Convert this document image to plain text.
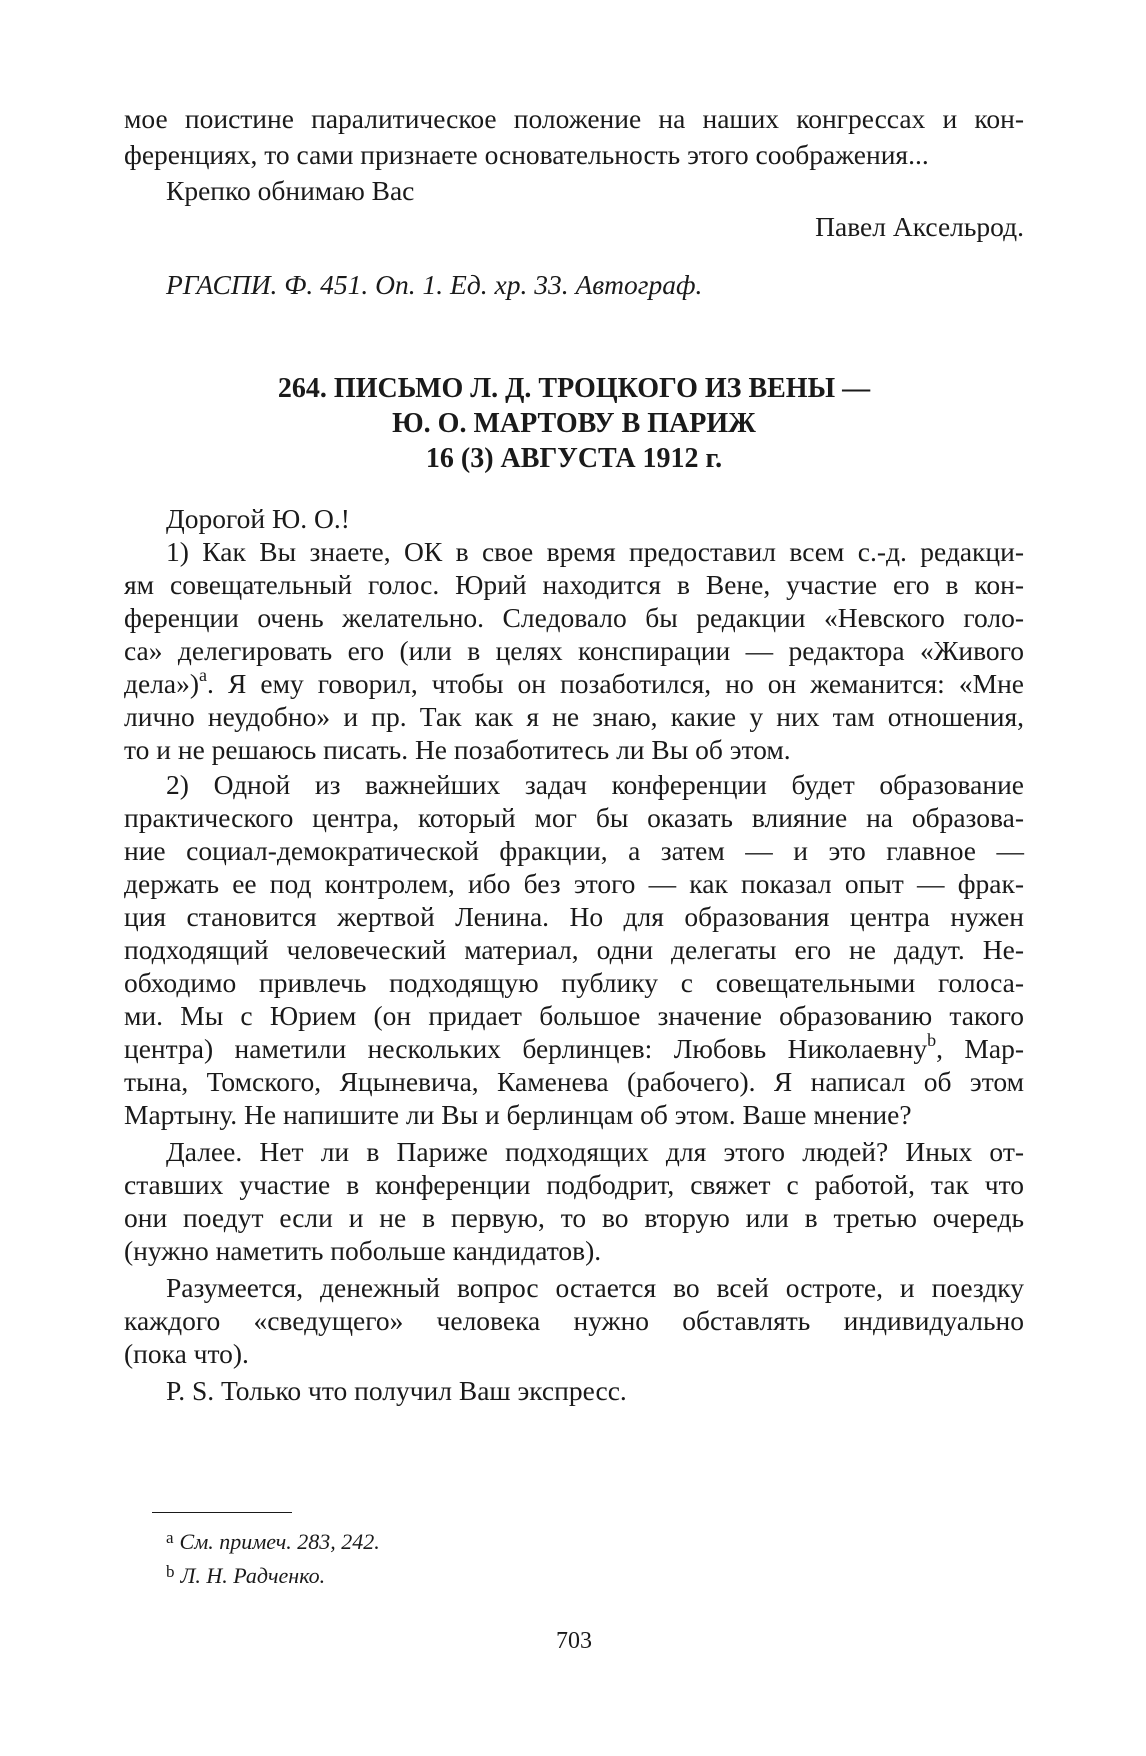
мое поистине паралитическое положение на наших конгрессах и кон-
ференциях, то сами признаете основательность этого соображения...
Крепко обнимаю Вас
Павел Аксельрод.
РГАСПИ. Ф. 451. Оп. 1. Ед. хр. 33. Автограф.
264. ПИСЬМО Л. Д. ТРОЦКОГО ИЗ ВЕНЫ —
Ю. О. МАРТОВУ В ПАРИЖ
16 (3) АВГУСТА 1912 г.
Дорогой Ю. О.!
1) Как Вы знаете, ОК в свое время предоставил всем с.-д. редакци-
ям совещательный голос. Юрий находится в Вене, участие его в кон-
ференции очень желательно. Следовало бы редакции «Невского голо-
са» делегировать его (или в целях конспирации — редактора «Живого
дела»)$^a$. Я ему говорил, чтобы он позаботился, но он жеманится: «Мне
лично неудобно» и пр. Так как я не знаю, какие у них там отношения,
то и не решаюсь писать. Не позаботитесь ли Вы об этом.
2) Одной из важнейших задач конференции будет образование
практического центра, который мог бы оказать влияние на образова-
ние социал-демократической фракции, а затем — и это главное —
держать ее под контролем, ибо без этого — как показал опыт — фрак-
ция становится жертвой Ленина. Но для образования центра нужен
подходящий человеческий материал, одни делегаты его не дадут. Не-
обходимо привлечь подходящую публику с совещательными голоса-
ми. Мы с Юрием (он придает большое значение образованию такого
центра) наметили нескольких берлинцев: Любовь Николаевну$^b$, Мар-
тына, Томского, Яцыневича, Каменева (рабочего). Я написал об этом
Мартыну. Не напишите ли Вы и берлинцам об этом. Ваше мнение?
Далее. Нет ли в Париже подходящих для этого людей? Иных от-
ставших участие в конференции подбодрит, свяжет с работой, так что
они поедут если и не в первую, то во вторую или в третью очередь
(нужно наметить побольше кандидатов).
Разумеется, денежный вопрос остается во всей остроте, и поездку
каждого «сведущего» человека нужно обставлять индивидуально
(пока что).
P. S. Только что получил Ваш экспресс.
$^a$ См. примеч. 283, 242.
$^b$ Л. Н. Радченко.
703
